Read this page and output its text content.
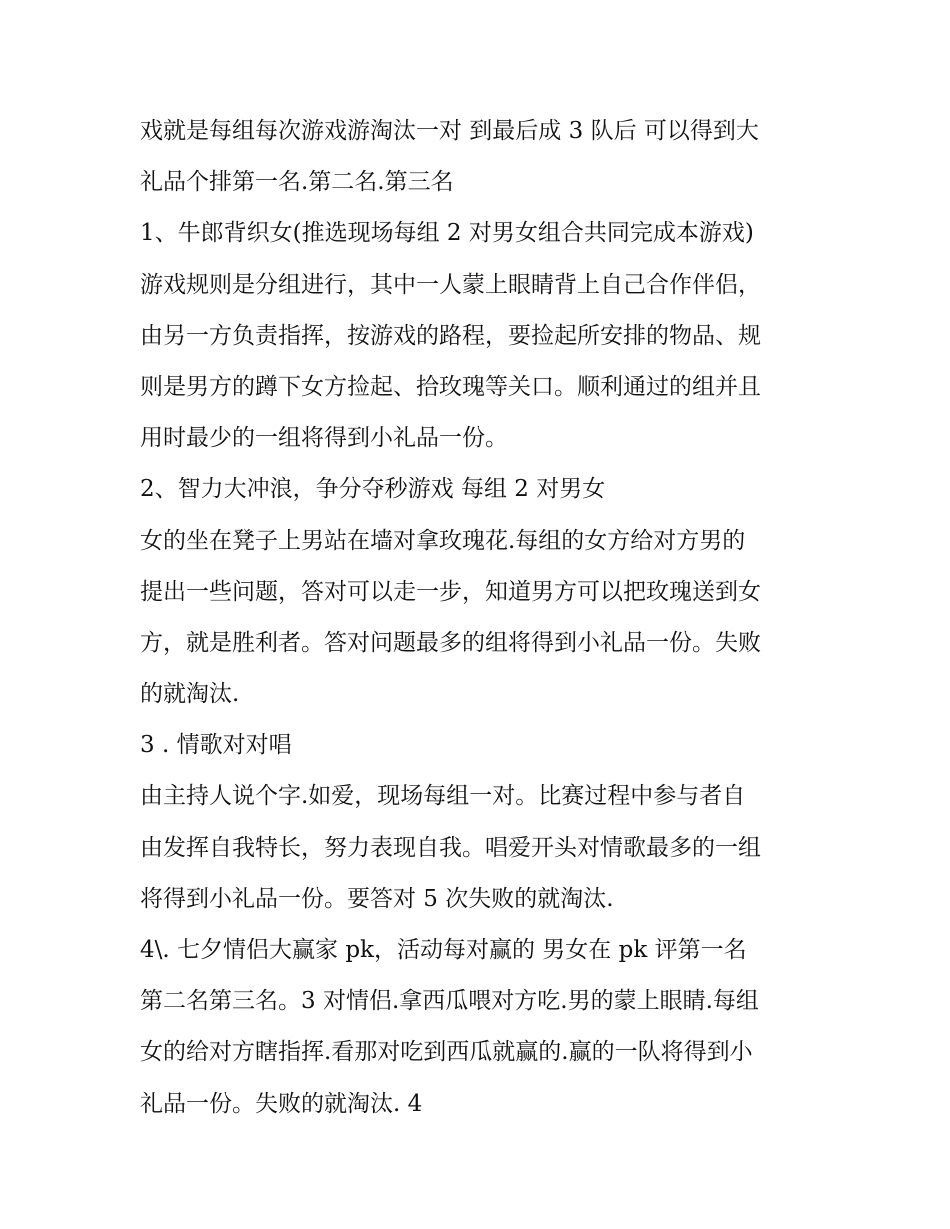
戏就是每组每次游戏游淘汰一对 到最后成 3 队后 可以得到大
礼品个排第一名.第二名.第三名
1、牛郎背织女(推选现场每组 2 对男女组合共同完成本游戏)
游戏规则是分组进行，其中一人蒙上眼睛背上自己合作伴侣，
由另一方负责指挥，按游戏的路程，要捡起所安排的物品、规
则是男方的蹲下女方捡起、拾玫瑰等关口。顺利通过的组并且
用时最少的一组将得到小礼品一份。
2、智力大冲浪，争分夺秒游戏 每组 2 对男女
女的坐在凳子上男站在墙对拿玫瑰花.每组的女方给对方男的
提出一些问题，答对可以走一步，知道男方可以把玫瑰送到女
方，就是胜利者。答对问题最多的组将得到小礼品一份。失败
的就淘汰.
3 . 情歌对对唱
由主持人说个字.如爱，现场每组一对。比赛过程中参与者自
由发挥自我特长，努力表现自我。唱爱开头对情歌最多的一组
将得到小礼品一份。要答对 5 次失败的就淘汰.
4\. 七夕情侣大赢家 pk，活动每对赢的 男女在 pk 评第一名
第二名第三名。3 对情侣.拿西瓜喂对方吃.男的蒙上眼睛.每组
女的给对方瞎指挥.看那对吃到西瓜就赢的.赢的一队将得到小
礼品一份。失败的就淘汰. 4
